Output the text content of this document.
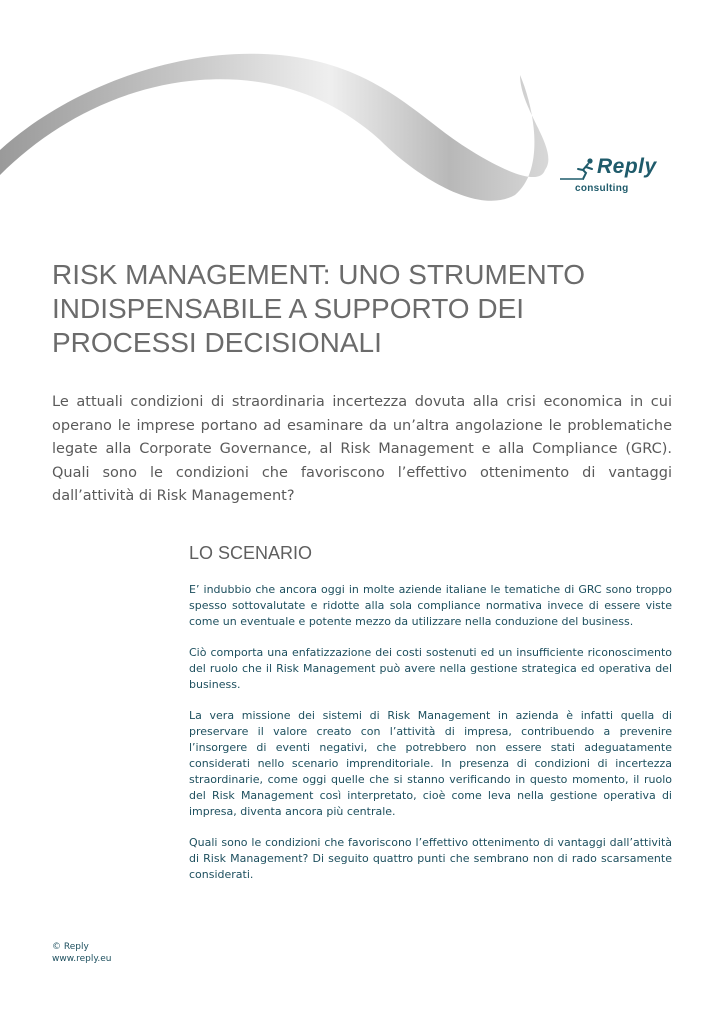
Reply
consulting
RISK MANAGEMENT: UNO STRUMENTO
INDISPENSABILE A SUPPORTO DEI
PROCESSI DECISIONALI

Le attuali condizioni di straordinaria incertezza dovuta alla crisi economica in cui operano le imprese portano ad esaminare da un’altra angolazione le problematiche legate alla Corporate Governance, al Risk Management e alla Compliance (GRC). Quali sono le condizioni che favoriscono l’effettivo ottenimento di vantaggi dall’attività di Risk Management?

LO SCENARIO

E’ indubbio che ancora oggi in molte aziende italiane le tematiche di GRC sono troppo spesso sottovalutate e ridotte alla sola compliance normativa invece di essere viste come un eventuale e potente mezzo da utilizzare nella conduzione del business.

Ciò comporta una enfatizzazione dei costi sostenuti ed un insufficiente riconoscimento del ruolo che il Risk Management può avere nella gestione strategica ed operativa del business.

La vera missione dei sistemi di Risk Management in azienda è infatti quella di preservare il valore creato con l’attività di impresa, contribuendo a prevenire l’insorgere di eventi negativi, che potrebbero non essere stati adeguatamente considerati nello scenario imprenditoriale. In presenza di condizioni di incertezza straordinarie, come oggi quelle che si stanno verificando in questo momento, il ruolo del Risk Management così interpretato, cioè come leva nella gestione operativa di impresa, diventa ancora più centrale.

Quali sono le condizioni che favoriscono l’effettivo ottenimento di vantaggi dall’attività di Risk Management? Di seguito quattro punti che sembrano non di rado scarsamente considerati.

© Reply
www.reply.eu
